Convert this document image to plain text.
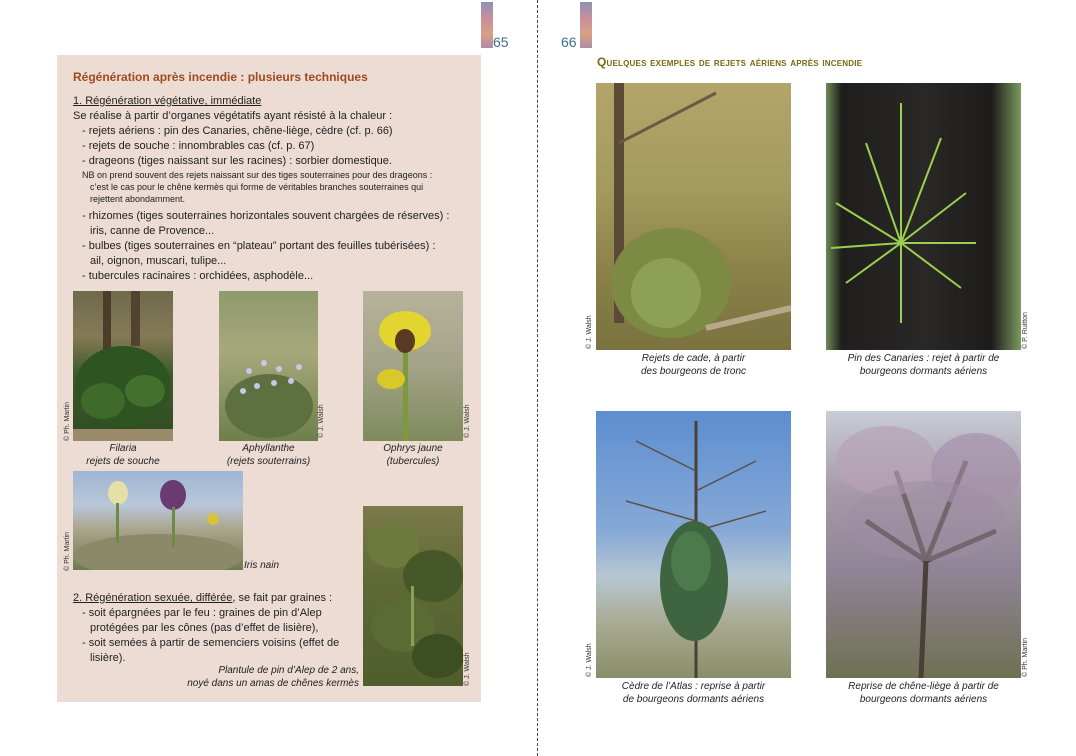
65	66
Régénération après incendie : plusieurs techniques
1. Régénération végétative, immédiate
Se réalise à partir d’organes végétatifs ayant résisté à la chaleur :
- rejets aériens : pin des Canaries, chêne-liège, cèdre (cf. p. 66)
- rejets de souche : innombrables cas (cf. p. 67)
- drageons (tiges naissant sur les racines) : sorbier domestique.
NB on prend souvent des rejets naissant sur des tiges souterraines pour des drageons :
c’est le cas pour le chêne kermès qui forme de véritables branches souterraines qui
rejettent abondamment.
- rhizomes (tiges souterraines horizontales souvent chargées de réserves) :
iris, canne de Provence...
- bulbes (tiges souterraines en “plateau” portant des feuilles tubérisées) :
ail, oignon, muscari, tulipe...
- tubercules racinaires : orchidées, asphodèle...
© Ph. Martin
Filaria
rejets de souche
© J. Walsh
Aphyllanthe
(rejets souterrains)
© J. Walsh
Ophrys jaune
(tubercules)
© Ph. Martin	Iris nain
© J. Walsh
Plantule de pin d’Alep de 2 ans,
noyé dans un amas de chênes kermès
2. Régénération sexuée, différée, se fait par graines :
- soit épargnées par le feu : graines de pin d’Alep
protégées par les cônes (pas d’effet de lisière),
- soit semées à partir de semenciers voisins (effet de
lisière).
Quelques exemples de rejets aériens après incendie
© J. Walsh
Rejets de cade, à partir
des bourgeons de tronc
© P. Ruitton
Pin des Canaries : rejet à partir de
bourgeons dormants aériens
© J. Walsh
Cèdre de l’Atlas : reprise à partir
de bourgeons dormants aériens
© Ph. Martin
Reprise de chêne-liège à partir de
bourgeons dormants aériens
